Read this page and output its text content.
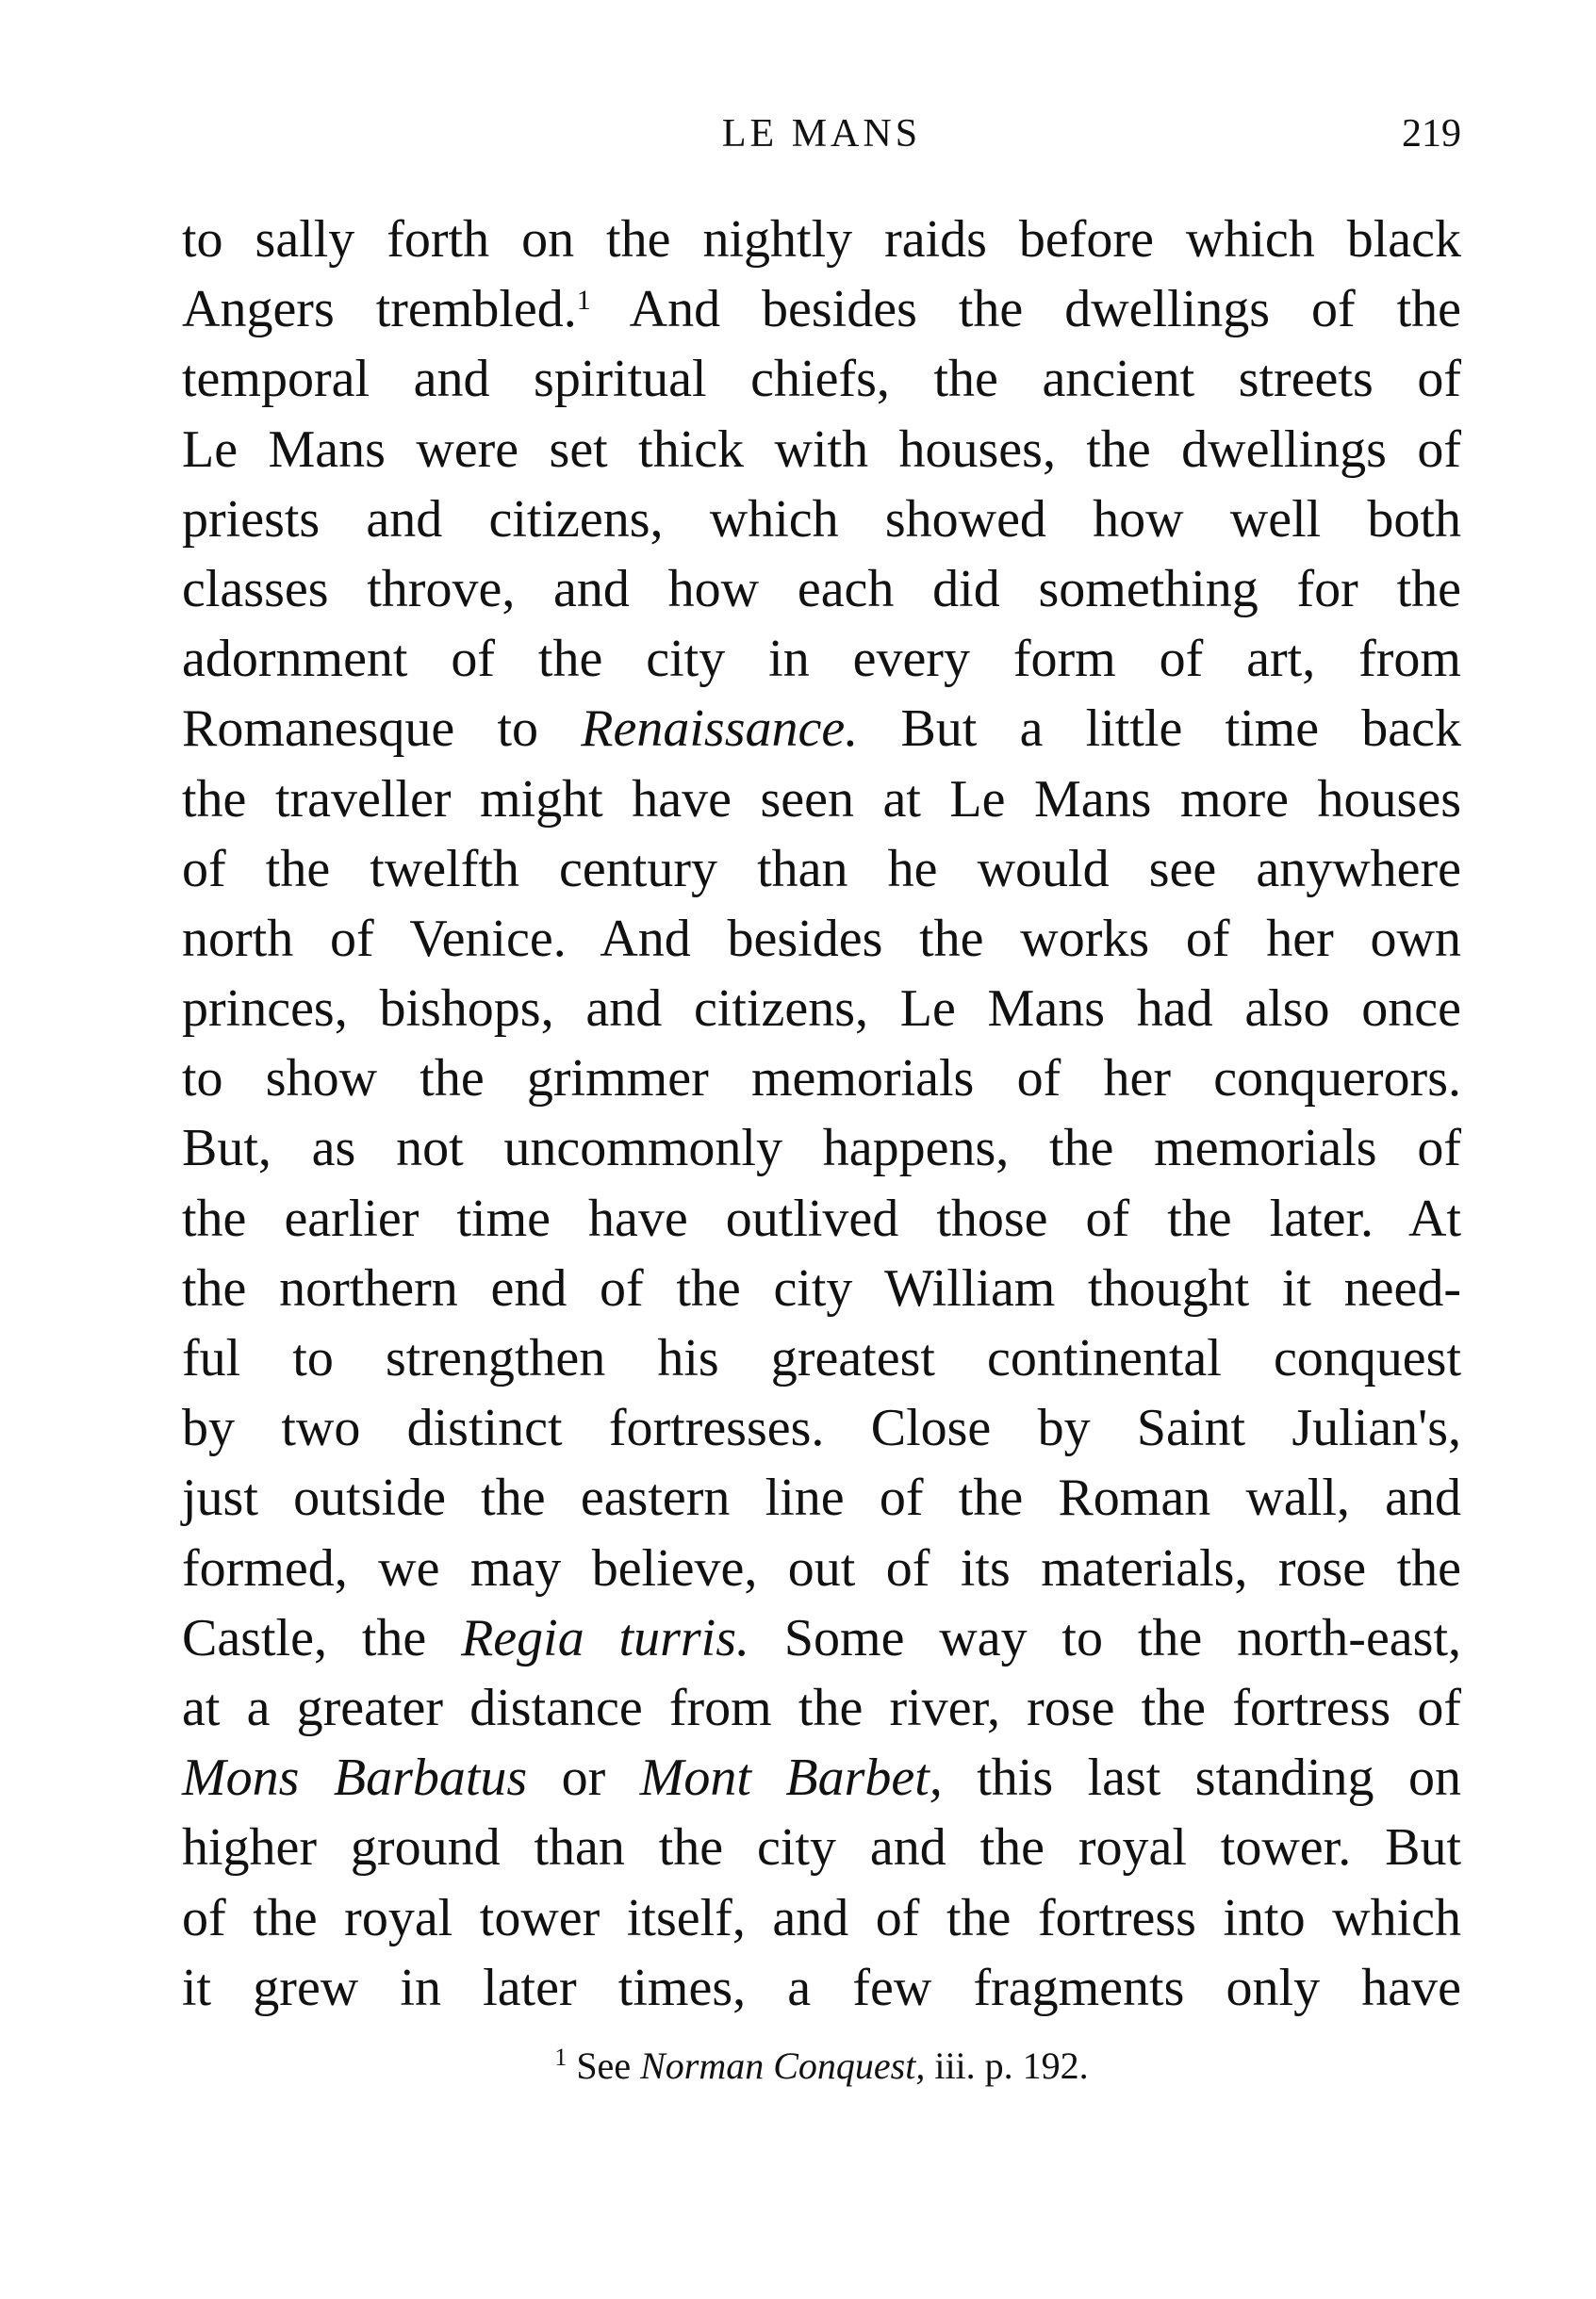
LE MANS	219
to sally forth on the nightly raids before which black
Angers trembled.$^1$ And besides the dwellings of the
temporal and spiritual chiefs, the ancient streets of
Le Mans were set thick with houses, the dwellings of
priests and citizens, which showed how well both
classes throve, and how each did something for the
adornment of the city in every form of art, from
Romanesque to Renaissance. But a little time back
the traveller might have seen at Le Mans more houses
of the twelfth century than he would see anywhere
north of Venice. And besides the works of her own
princes, bishops, and citizens, Le Mans had also once
to show the grimmer memorials of her conquerors.
But, as not uncommonly happens, the memorials of
the earlier time have outlived those of the later. At
the northern end of the city William thought it need-
ful to strengthen his greatest continental conquest
by two distinct fortresses. Close by Saint Julian's,
just outside the eastern line of the Roman wall, and
formed, we may believe, out of its materials, rose the
Castle, the Regia turris. Some way to the north-east,
at a greater distance from the river, rose the fortress of
Mons Barbatus or Mont Barbet, this last standing on
higher ground than the city and the royal tower. But
of the royal tower itself, and of the fortress into which
it grew in later times, a few fragments only have
$^1$ See Norman Conquest, iii. p. 192.
